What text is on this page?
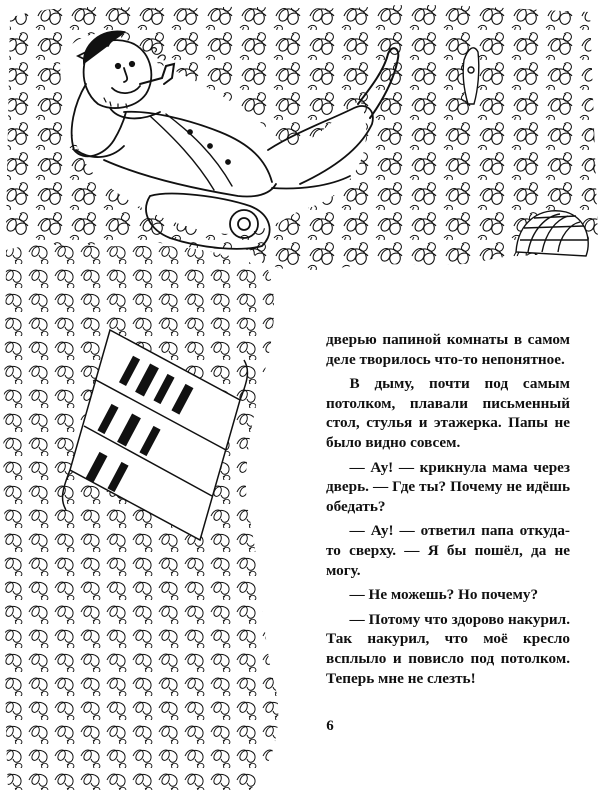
дверью папиной комнаты в самом деле творилось что-то непонятное.

В дыму, почти под самым потолком, плавали письменный стол, стулья и этажерка. Папы не было видно совсем.

— Ау! — крикнула мама через дверь. — Где ты? Почему не идёшь обедать?

— Ау! — ответил папа откуда-то сверху. — Я бы пошёл, да не могу.

— Не можешь? Но почему?

— Потому что здорово накурил. Так накурил, что моё кресло всплыло и повисло под потолком. Теперь мне не слезть!

6
